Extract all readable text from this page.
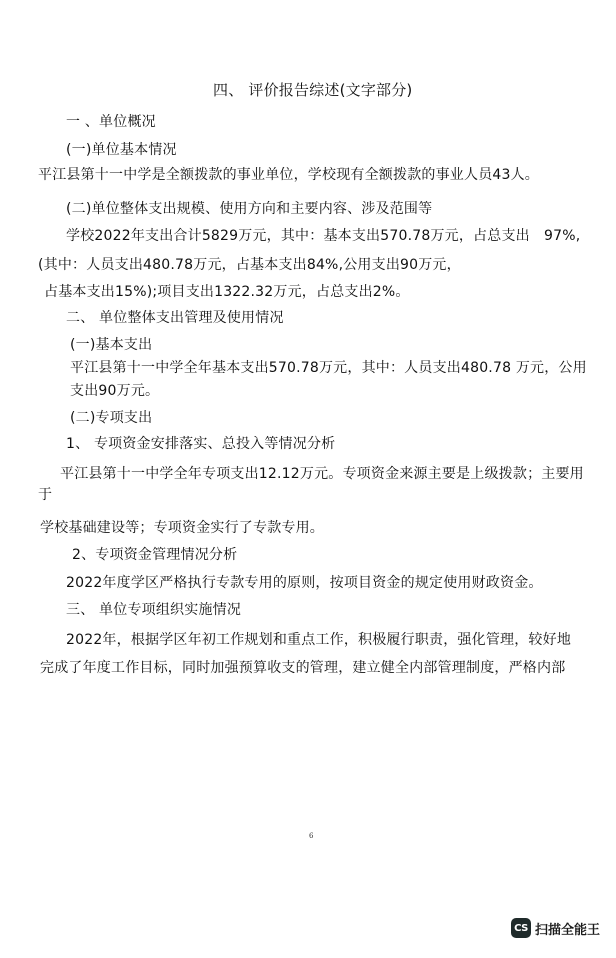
四、 评价报告综述(文字部分)
一 、单位概况
(一)单位基本情况
平江县第十一中学是全额拨款的事业单位，学校现有全额拨款的事业人员43人。
(二)单位整体支出规模、使用方向和主要内容、涉及范围等
学校2022年支出合计5829万元，其中：基本支出570.78万元，占总支出　97%,
(其中：人员支出480.78万元，占基本支出84%,公用支出90万元，
占基本支出15%);项目支出1322.32万元，占总支出2%。
二、 单位整体支出管理及使用情况
(一)基本支出
平江县第十一中学全年基本支出570.78万元，其中：人员支出480.78 万元，公用
支出90万元。
(二)专项支出
1、 专项资金安排落实、总投入等情况分析
平江县第十一中学全年专项支出12.12万元。专项资金来源主要是上级拨款；主要用
于
学校基础建设等；专项资金实行了专款专用。
2、专项资金管理情况分析
2022年度学区严格执行专款专用的原则，按项目资金的规定使用财政资金。
三、 单位专项组织实施情况
2022年，根据学区年初工作规划和重点工作，积极履行职责，强化管理，较好地
完成了年度工作目标，同时加强预算收支的管理，建立健全内部管理制度，严格内部
6
CS 扫描全能王
